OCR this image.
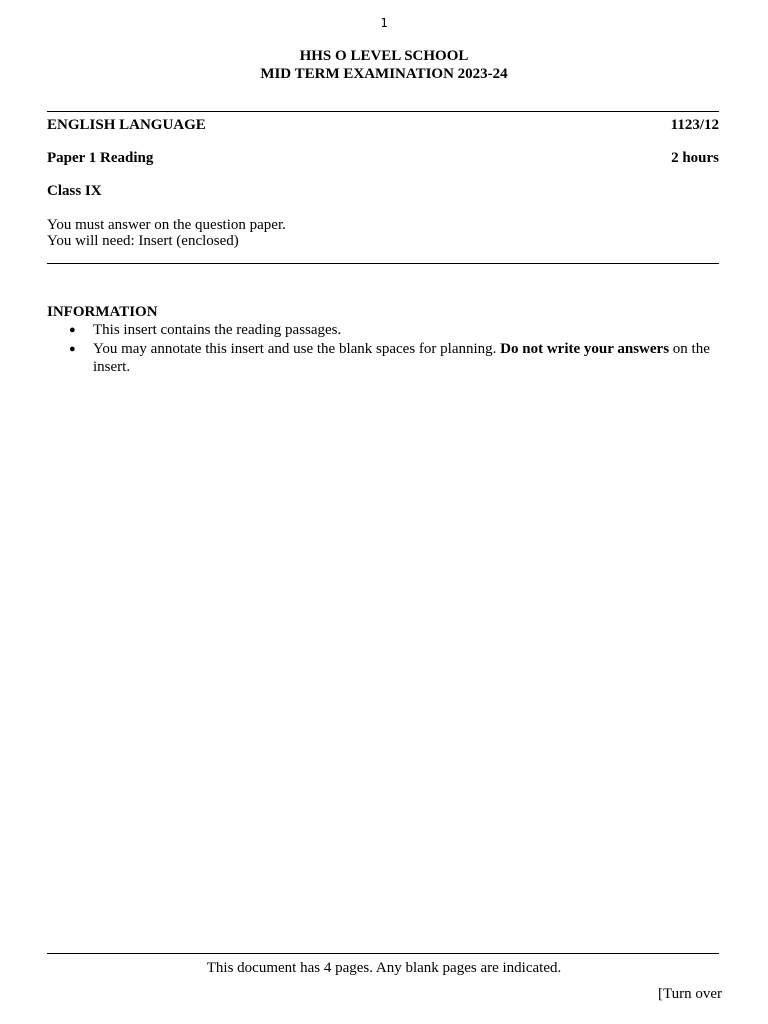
1
HHS O LEVEL SCHOOL
MID TERM EXAMINATION 2023-24
ENGLISH LANGUAGE	1123/12
Paper 1 Reading	2 hours
Class IX
You must answer on the question paper.
You will need: Insert (enclosed)
INFORMATION
● This insert contains the reading passages.
● You may annotate this insert and use the blank spaces for planning. Do not write your answers on the insert.
This document has 4 pages. Any blank pages are indicated.
[Turn over
